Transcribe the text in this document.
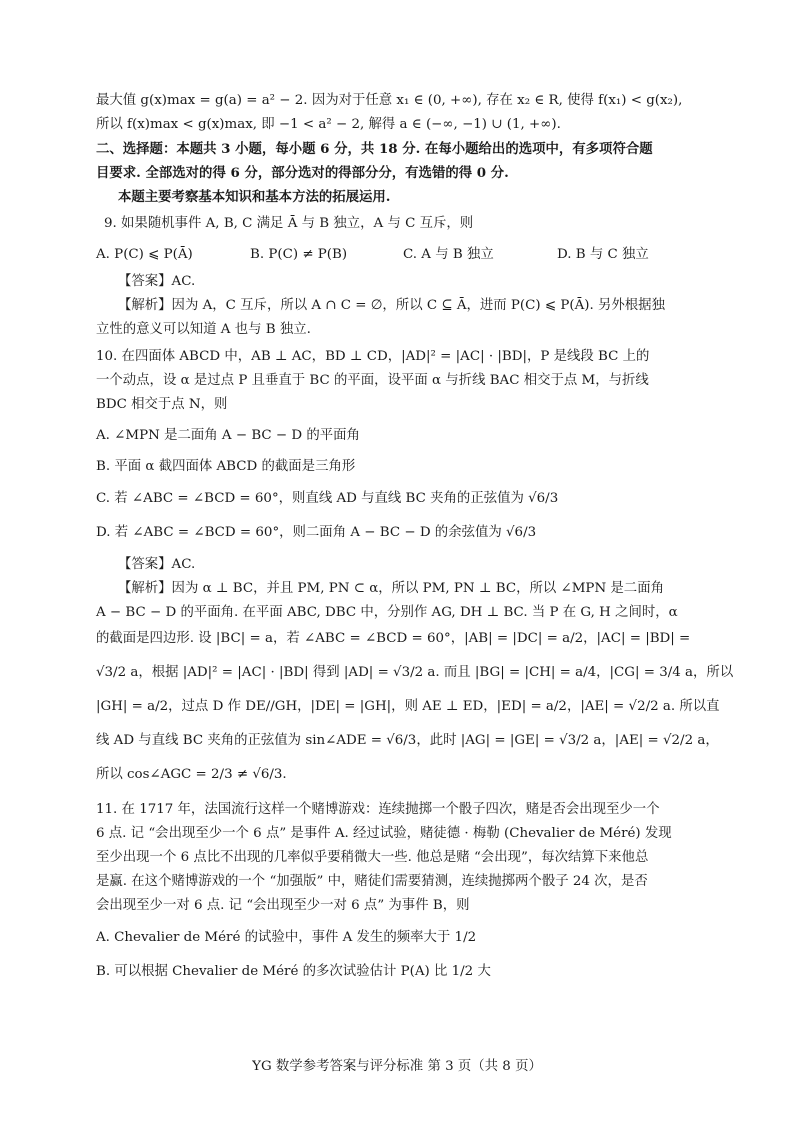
最大值 g(x)max = g(a) = a² − 2. 因为对于任意 x₁ ∈ (0, +∞), 存在 x₂ ∈ R, 使得 f(x₁) < g(x₂),

所以 f(x)max < g(x)max, 即 −1 < a² − 2, 解得 a ∈ (−∞, −1) ∪ (1, +∞).

二、选择题：本题共 3 小题，每小题 6 分，共 18 分. 在每小题给出的选项中，有多项符合题

目要求. 全部选对的得 6 分，部分选对的得部分分，有选错的得 0 分.

本题主要考察基本知识和基本方法的拓展运用.

9. 如果随机事件 A, B, C 满足 Ā 与 B 独立，A 与 C 互斥，则

A. P(C) ⩽ P(Ā)	B. P(C) ≠ P(B)	C. A 与 B 独立	D. B 与 C 独立

【答案】AC.

【解析】因为 A，C 互斥，所以 A ∩ C = ∅，所以 C ⊆ Ā，进而 P(C) ⩽ P(Ā). 另外根据独

立性的意义可以知道 A 也与 B 独立.

10. 在四面体 ABCD 中，AB ⊥ AC，BD ⊥ CD，|AD|² = |AC| · |BD|，P 是线段 BC 上的

一个动点，设 α 是过点 P 且垂直于 BC 的平面，设平面 α 与折线 BAC 相交于点 M，与折线

BDC 相交于点 N，则

A. ∠MPN 是二面角 A − BC − D 的平面角

B. 平面 α 截四面体 ABCD 的截面是三角形

C. 若 ∠ABC = ∠BCD = 60°，则直线 AD 与直线 BC 夹角的正弦值为 √6/3

D. 若 ∠ABC = ∠BCD = 60°，则二面角 A − BC − D 的余弦值为 √6/3

【答案】AC.

【解析】因为 α ⊥ BC，并且 PM, PN ⊂ α，所以 PM, PN ⊥ BC，所以 ∠MPN 是二面角

A − BC − D 的平面角. 在平面 ABC, DBC 中，分别作 AG, DH ⊥ BC. 当 P 在 G, H 之间时，α

的截面是四边形. 设 |BC| = a，若 ∠ABC = ∠BCD = 60°，|AB| = |DC| = a/2，|AC| = |BD| =

√3/2 a，根据 |AD|² = |AC| · |BD| 得到 |AD| = √3/2 a. 而且 |BG| = |CH| = a/4，|CG| = 3/4 a，所以

|GH| = a/2，过点 D 作 DE//GH，|DE| = |GH|，则 AE ⊥ ED，|ED| = a/2，|AE| = √2/2 a. 所以直

线 AD 与直线 BC 夹角的正弦值为 sin∠ADE = √6/3，此时 |AG| = |GE| = √3/2 a，|AE| = √2/2 a，

所以 cos∠AGC = 2/3 ≠ √6/3.

11. 在 1717 年，法国流行这样一个赌博游戏：连续抛掷一个骰子四次，赌是否会出现至少一个

6 点. 记 “会出现至少一个 6 点” 是事件 A. 经过试验，赌徒德 · 梅勒 (Chevalier de Méré) 发现

至少出现一个 6 点比不出现的几率似乎要稍微大一些. 他总是赌 “会出现”，每次结算下来他总

是赢. 在这个赌博游戏的一个 “加强版” 中，赌徒们需要猜测，连续抛掷两个骰子 24 次，是否

会出现至少一对 6 点. 记 “会出现至少一对 6 点” 为事件 B，则

A. Chevalier de Méré 的试验中，事件 A 发生的频率大于 1/2

B. 可以根据 Chevalier de Méré 的多次试验估计 P(A) 比 1/2 大

YG 数学参考答案与评分标准 第 3 页（共 8 页）
